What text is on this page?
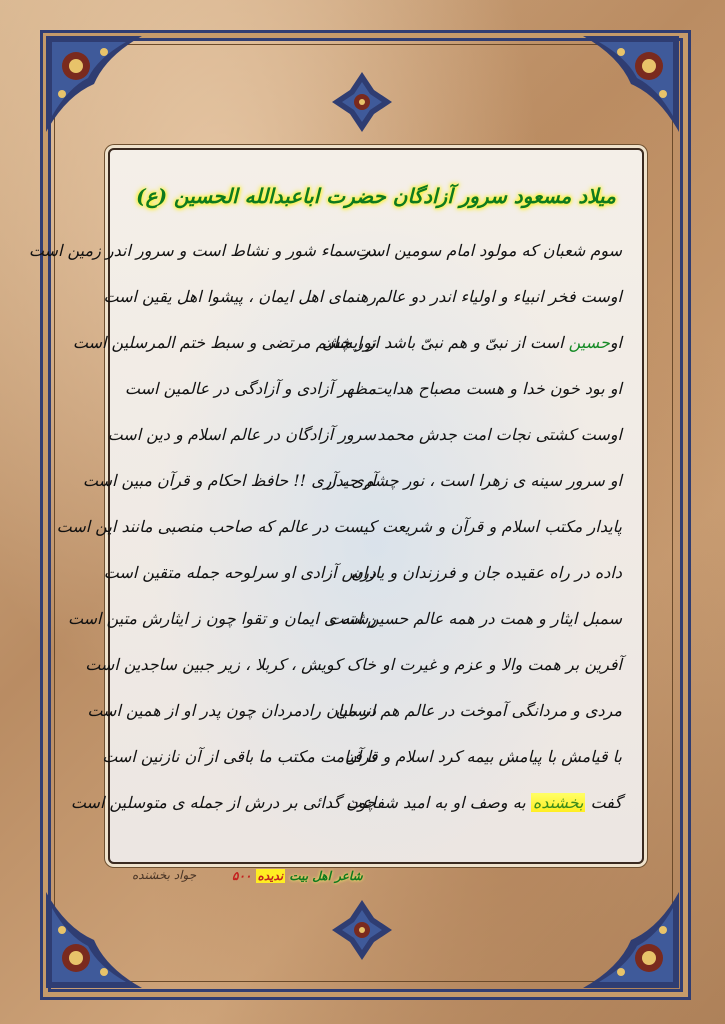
میلاد مسعود سرور آزادگان حضرت اباعبدالله الحسین (ع)
سوم شعبان که مولود امام سومین است
اوست فخر انبیاء و اولیاء اندر دو عالم
اوحسین است از نبیّ و هم نبیّ باشد از ایشان
او بود خون خدا و هست مصباح هدایت
اوست کشتی نجات امت جدش محمد
او سرور سینه ی زهرا است ، نور چشم حیدر
پایدار مکتب اسلام و قرآن و شریعت
داده در راه عقیده جان و فرزندان و یاران
سمبل ایثار و همت در همه عالم حسین است
آفرین بر همت والا و عزم و غیرت او
مردی و مردانگی آموخت در عالم هم انسان
با قیامش با پیامش بیمه کرد اسلام و قرآن
گفت بخشنده به وصف او به امید شفاعت
در سماء شور و نشاط است و سرور اندر زمین است
رهنمای اهل ایمان ، پیشوا اهل یقین است
نور چشم مرتضی و سبط ختم المرسلین است
مظهر آزادی و آزادگی در عالمین است
سرور آزادگان در عالم اسلام و دین است
آری ، آری !! حافظ احکام و قرآن مبین است
کیست در عالم که صاحب منصبی مانند این است
درس آزادی او سرلوحه جمله متقین است
رشته ی ایمان و تقوا چون ز ایثارش متین است
خاک کویش ، کربلا ، زیر جبین ساجدین است
در میان رادمردان چون پدر او از همین است
تا قیامت مکتب ما باقی از آن نازنین است
چون گدائی بر درش از جمله ی متوسلین است
جواد بخشنده	شاعر اهل بیت ندیده ۵۰۰
